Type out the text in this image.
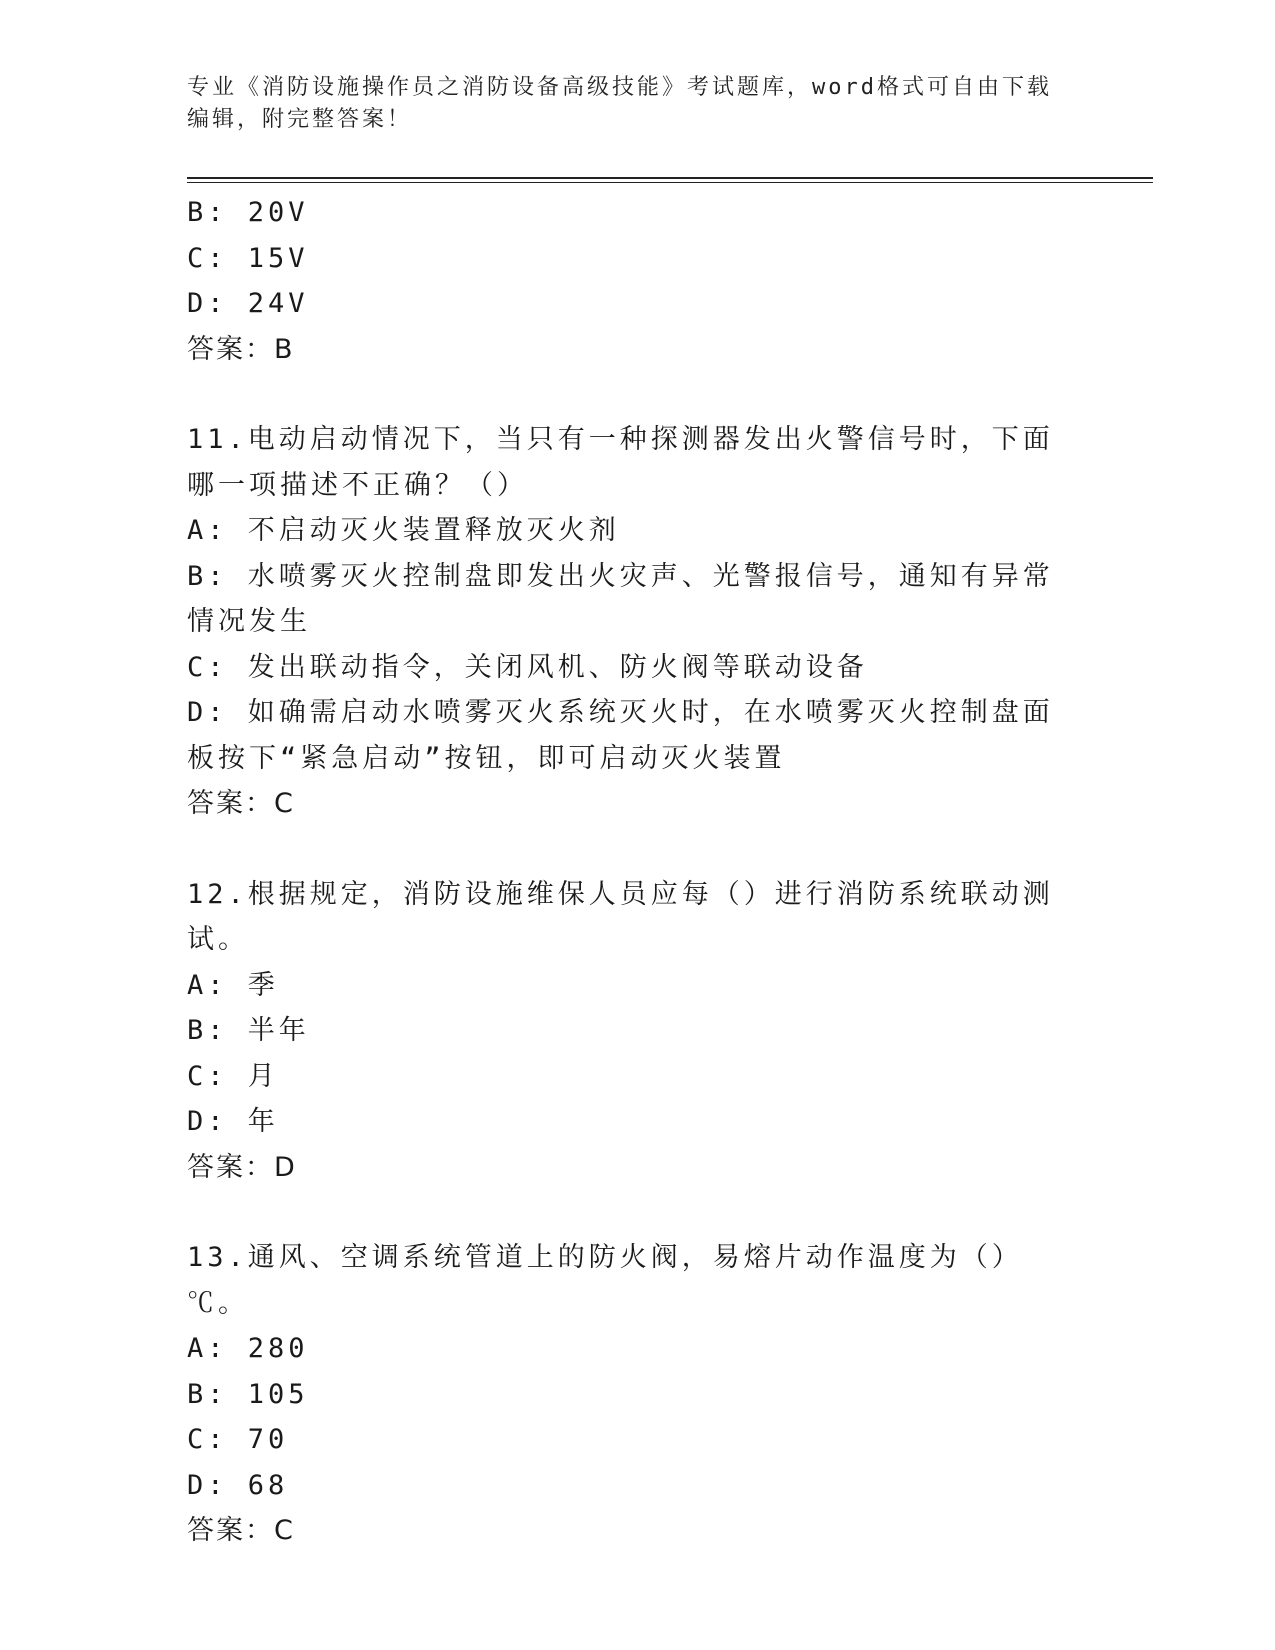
专业《消防设施操作员之消防设备高级技能》考试题库，word格式可自由下载编辑，附完整答案！

B: 20V

C: 15V

D: 24V

答案：B

11.电动启动情况下，当只有一种探测器发出火警信号时，下面哪一项描述不正确？（）

A: 不启动灭火装置释放灭火剂

B: 水喷雾灭火控制盘即发出火灾声、光警报信号，通知有异常情况发生

C: 发出联动指令，关闭风机、防火阀等联动设备

D: 如确需启动水喷雾灭火系统灭火时，在水喷雾灭火控制盘面板按下“紧急启动”按钮，即可启动灭火装置

答案：C

12.根据规定，消防设施维保人员应每（）进行消防系统联动测试。

A: 季

B: 半年

C: 月

D: 年

答案：D

13.通风、空调系统管道上的防火阀，易熔片动作温度为（）℃。

A: 280

B: 105

C: 70

D: 68

答案：C
